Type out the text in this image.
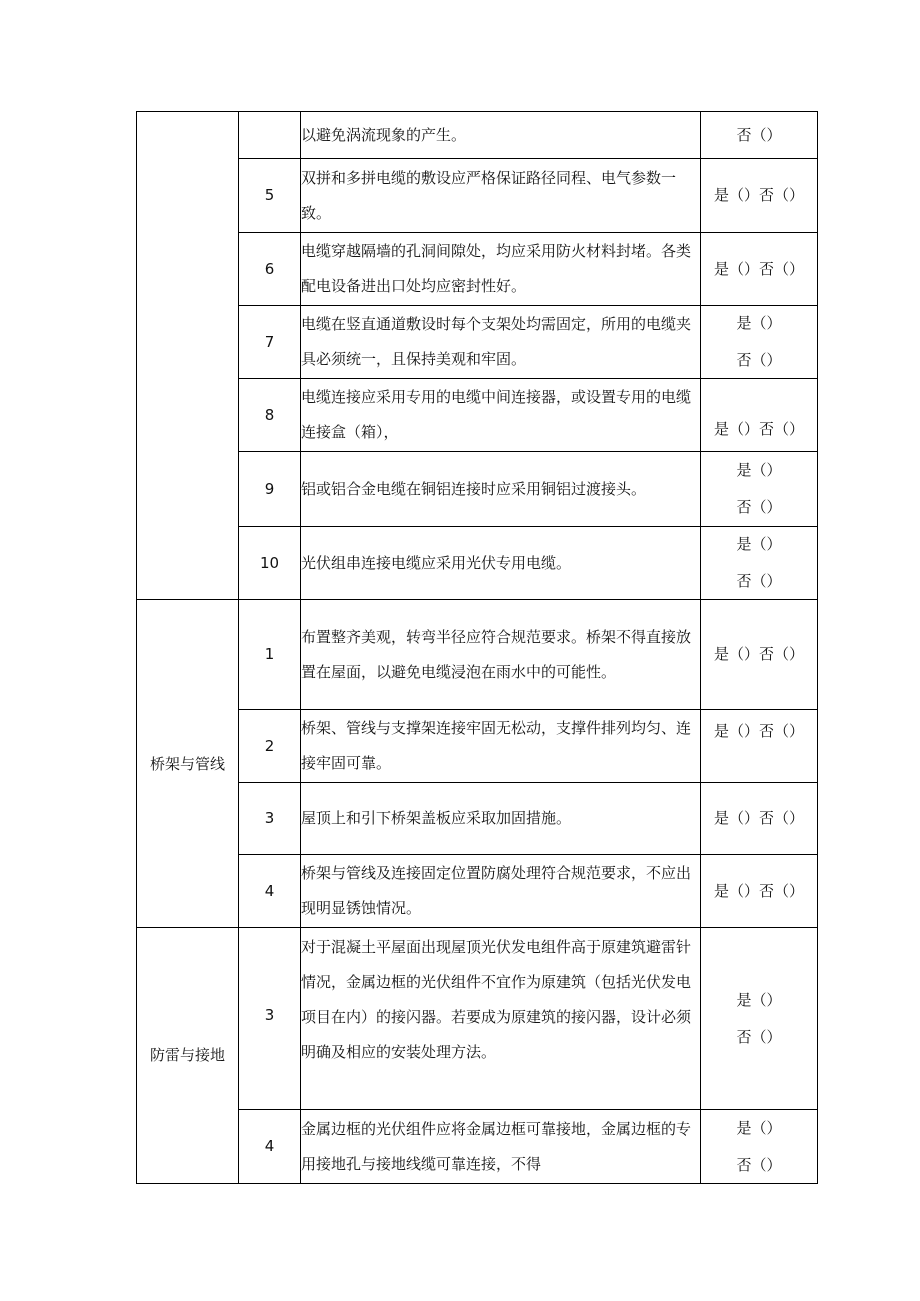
		以避免涡流现象的产生。	否（）

	5	双拼和多拼电缆的敷设应严格保证路径同程、电气参数一致。	是（）否（）

	6	电缆穿越隔墙的孔洞间隙处，均应采用防火材料封堵。各类配电设备进出口处均应密封性好。	是（）否（）

	7	电缆在竖直通道敷设时每个支架处均需固定，所用的电缆夹具必须统一，且保持美观和牢固。	是（）
否（）

	8	电缆连接应采用专用的电缆中间连接器，或设置专用的电缆连接盒（箱），	是（）否（）

	9	铝或铝合金电缆在铜铝连接时应采用铜铝过渡接头。	是（）
否（）

	10	光伏组串连接电缆应采用光伏专用电缆。	是（）
否（）

桥架与管线	1	布置整齐美观，转弯半径应符合规范要求。桥架不得直接放置在屋面，以避免电缆浸泡在雨水中的可能性。	是（）否（）

	2	桥架、管线与支撑架连接牢固无松动，支撑件排列均匀、连接牢固可靠。	是（）否（）

	3	屋顶上和引下桥架盖板应采取加固措施。	是（）否（）

	4	桥架与管线及连接固定位置防腐处理符合规范要求，不应出现明显锈蚀情况。	是（）否（）

防雷与接地	3	对于混凝土平屋面出现屋顶光伏发电组件高于原建筑避雷针情况，金属边框的光伏组件不宜作为原建筑（包括光伏发电项目在内）的接闪器。若要成为原建筑的接闪器，设计必须明确及相应的安装处理方法。	是（）
否（）

	4	金属边框的光伏组件应将金属边框可靠接地，金属边框的专用接地孔与接地线缆可靠连接，不得	是（）
否（）
